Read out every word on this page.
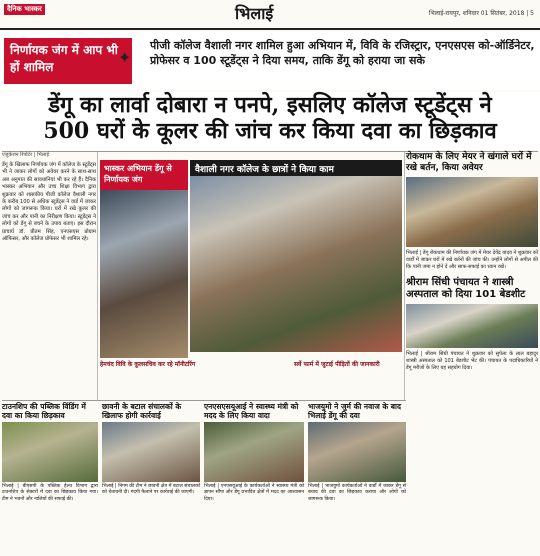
दैनिक भास्कर	भिलाई	भिलाई-रायपुर, शनिवार 01 सितंबर, 2018 | 5
निर्णायक जंग में आप भी हों शामिल	✦
पीजी कॉलेज वैशाली नगर शामिल हुआ अभियान में, विवि के रजिस्ट्रार, एनएसएस को-ऑर्डिनेटर, प्रोफेसर व 100 स्टूडेंट्स ने दिया समय, ताकि डेंगू को हराया जा सके
डेंगू का लार्वा दोबारा न पनपे, इसलिए कॉलेज स्टूडेंट्स ने
500 घरों के कूलर की जांच कर किया दवा का छिड़काव
एजुकेशन रिपोर्टर | भिलाई
डेंगू के खिलाफ निर्णायक जंग में कॉलेज के स्टूडेंट्स भी ने जाकर लोगों को अवेयर करने के साथ-साथ अब अनुपात की सावधानियां भी कर रहे हैं। दैनिक भास्कर अभियान और उच्च शिक्षा विभाग द्वारा शुक्रवार को शासकीय पीजी कॉलेज वैशाली नगर के करीब 100 से अधिक स्टूडेंट्स ने वार्ड में जाकर लोगों को जागरूक किया। घरों में रखे कूलर की जांच कर और पानी का निरीक्षण किया। स्टूडेंट्स ने लोगों को डेंगू से बचने के उपाय बताए। इस दौरान प्राचार्य डॉ. प्रीतम सिंह, एनएसएस प्रोग्राम ऑफिसर, और कॉलेज प्रोफेसर भी शामिल रहे।
भास्कर अभियान डेंगू से निर्णायक जंग
वैशाली नगर कॉलेज के छात्रों ने किया काम
हेमचंद विवि के कुलसचिव कर रहे मॉनीटरिंग	सर्वे फार्म में जुटाई पीड़ितों की जानकारी
रोकथाम के लिए मेयर ने खंगाले घरों में रखे बर्तन, किया अवेयर
भिलाई | डेंगू रोकथाम की निर्णायक जंग में मेयर देवेंद्र यादव ने शुक्रवार को वार्डों में जाकर घरों में रखे बर्तनों की जांच की। उन्होंने लोगों से अपील की कि पानी जमा न होने दें और साफ-सफाई का ध्यान रखें।
श्रीराम सिंधी पंचायत ने शास्त्री अस्पताल को दिया 101 बेडशीट
भिलाई | श्रीराम सिंधी पंचायत ने शुक्रवार को सुपेला के लाल बहादुर शास्त्री अस्पताल को 101 बेडशीट भेंट की। पंचायत के पदाधिकारियों ने डेंगू मरीजों के लिए यह सहयोग दिया।
टाउनशिप की पब्लिक विंडिंग में दवा का किया छिड़काव
भिलाई | बीएसपी के पब्लिक हेल्थ विभाग द्वारा टाउनशिप के सेक्टरों में दवा का छिड़काव किया गया। टीम ने भवनों और नालियों की सफाई की।
छावनी के बटाल संचालकों के खिलाफ होगी कार्रवाई
भिलाई | निगम की टीम ने छावनी क्षेत्र में बटाल संचालकों को चेतावनी दी। गंदगी फैलाने पर कार्रवाई की जाएगी।
एनएसएसयूआई ने स्वास्थ्य मंत्री को मदद के लिए किया वादा
भिलाई | एनएसयूआई के कार्यकर्ताओं ने स्वास्थ्य मंत्री को ज्ञापन सौंपा और डेंगू प्रभावित क्षेत्रों में मदद का आश्वासन दिया।
भाजयुमो ने जुर्म की नवाज के बाद भिलाई डेंगू की दवा
भिलाई | भाजयुमो कार्यकर्ताओं ने वार्डों में जाकर डेंगू से बचाव की दवा का छिड़काव कराया और लोगों को जागरूक किया।
